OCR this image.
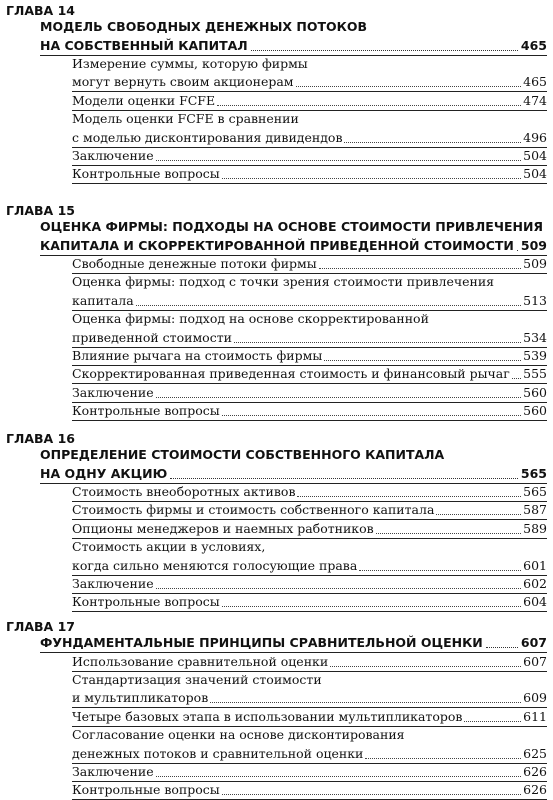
ГЛАВА 14
МОДЕЛЬ СВОБОДНЫХ ДЕНЕЖНЫХ ПОТОКОВ
НА СОБСТВЕННЫЙ КАПИТАЛ	465
Измерение суммы, которую фирмы
могут вернуть своим акционерам	465
Модели оценки FCFE	474
Модель оценки FCFE в сравнении
с моделью дисконтирования дивидендов	496
Заключение	504
Контрольные вопросы	504
ГЛАВА 15
ОЦЕНКА ФИРМЫ: ПОДХОДЫ НА ОСНОВЕ СТОИМОСТИ ПРИВЛЕЧЕНИЯ
КАПИТАЛА И СКОРРЕКТИРОВАННОЙ ПРИВЕДЕННОЙ СТОИМОСТИ 509
Свободные денежные потоки фирмы	509
Оценка фирмы: подход с точки зрения стоимости привлечения
капитала	513
Оценка фирмы: подход на основе скорректированной
приведенной стоимости	534
Влияние рычага на стоимость фирмы	539
Скорректированная приведенная стоимость и финансовый рычаг 555
Заключение	560
Контрольные вопросы	560
ГЛАВА 16
ОПРЕДЕЛЕНИЕ СТОИМОСТИ СОБСТВЕННОГО КАПИТАЛА
НА ОДНУ АКЦИЮ	565
Стоимость внеоборотных активов	565
Стоимость фирмы и стоимость собственного капитала	587
Опционы менеджеров и наемных работников	589
Стоимость акции в условиях,
когда сильно меняются голосующие права	601
Заключение	602
Контрольные вопросы	604
ГЛАВА 17
ФУНДАМЕНТАЛЬНЫЕ ПРИНЦИПЫ СРАВНИТЕЛЬНОЙ ОЦЕНКИ	607
Использование сравнительной оценки	607
Стандартизация значений стоимости
и мультипликаторов	609
Четыре базовых этапа в использовании мультипликаторов	611
Согласование оценки на основе дисконтирования
денежных потоков и сравнительной оценки	625
Заключение	626
Контрольные вопросы	626
